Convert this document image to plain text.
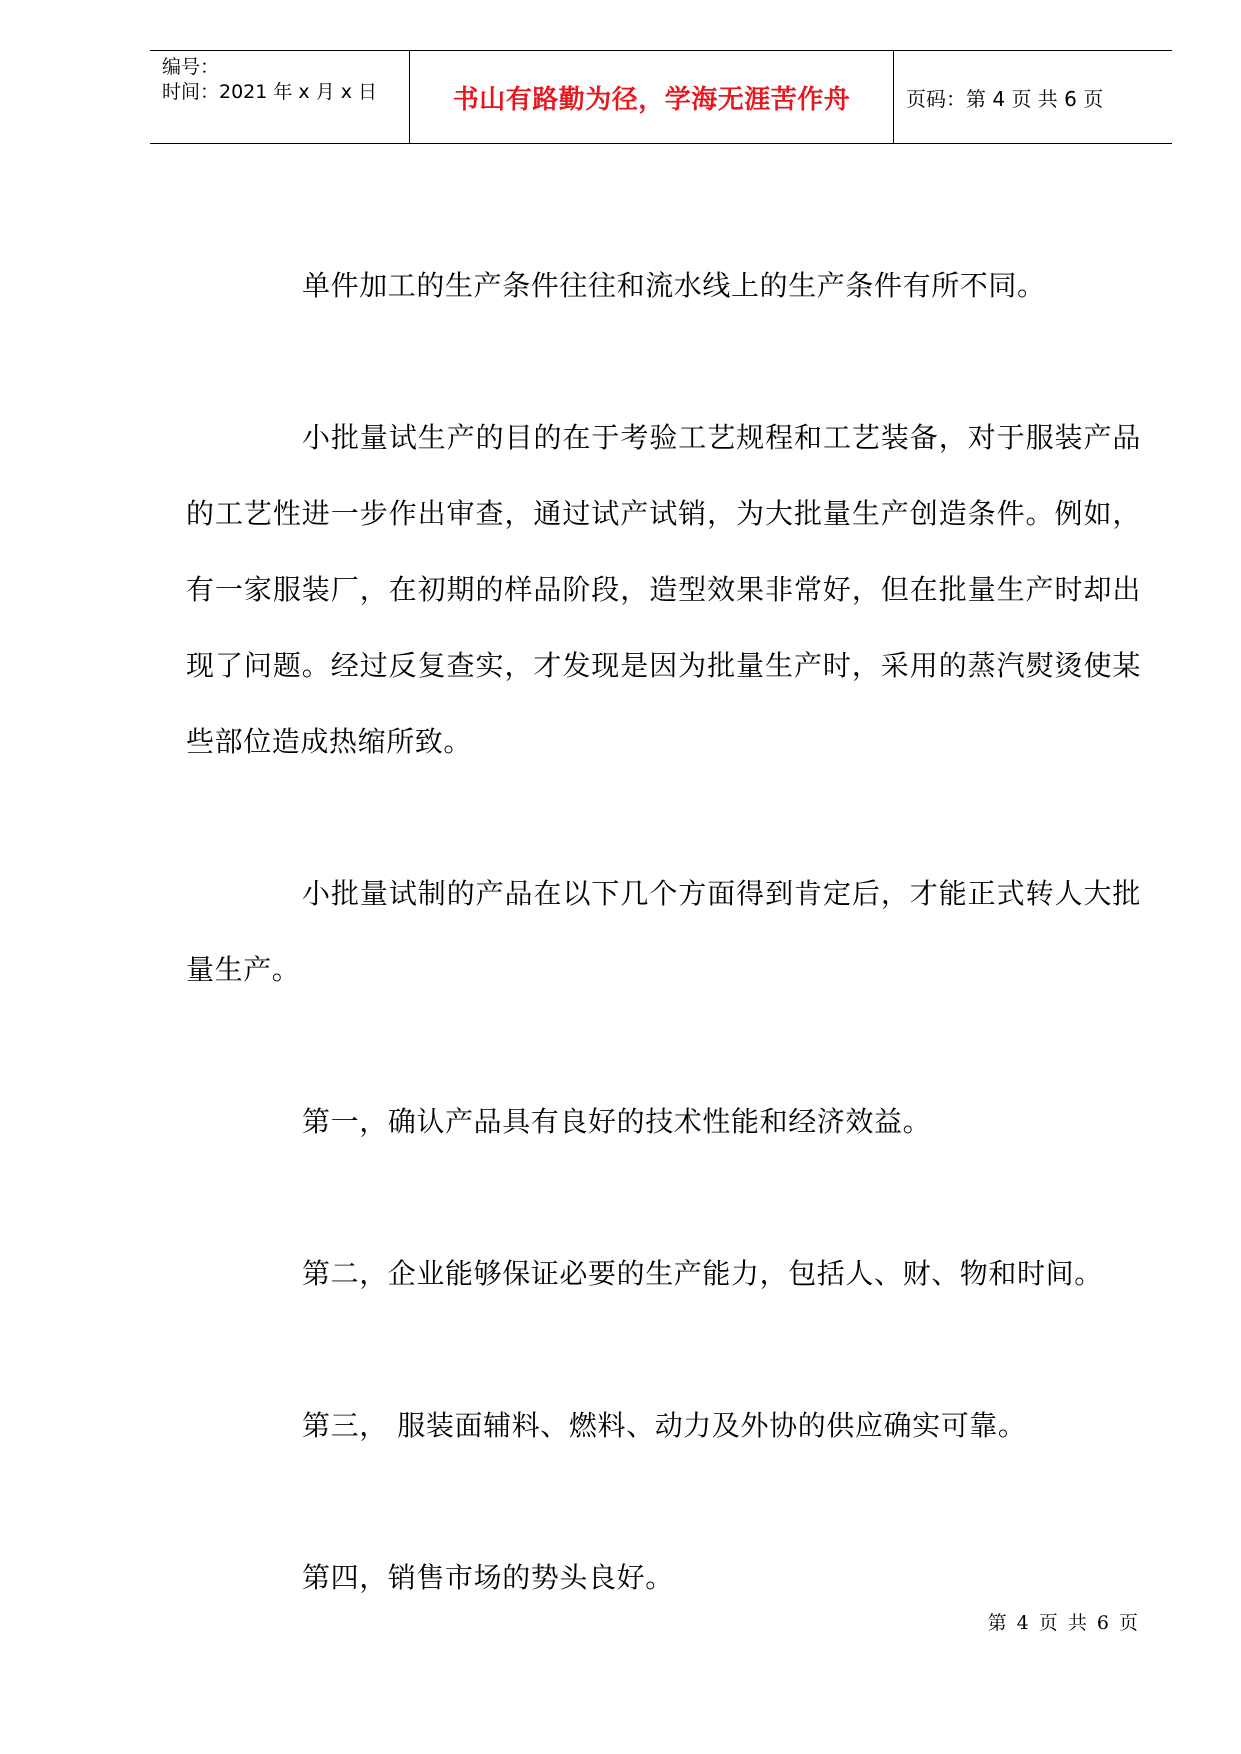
编号：
时间：2021 年 x 月 x 日	书山有路勤为径，学海无涯苦作舟	页码：第 4 页 共 6 页

单件加工的生产条件往往和流水线上的生产条件有所不同。

小批量试生产的目的在于考验工艺规程和工艺装备，对于服装产品的工艺性进一步作出审查，通过试产试销，为大批量生产创造条件。例如，有一家服装厂，在初期的样品阶段，造型效果非常好，但在批量生产时却出现了问题。经过反复查实，才发现是因为批量生产时，采用的蒸汽熨烫使某些部位造成热缩所致。

小批量试制的产品在以下几个方面得到肯定后，才能正式转人大批量生产。

第一，确认产品具有良好的技术性能和经济效益。

第二，企业能够保证必要的生产能力，包括人、财、物和时间。

第三， 服装面辅料、燃料、动力及外协的供应确实可靠。

第四，销售市场的势头良好。

第 4 页 共 6 页
